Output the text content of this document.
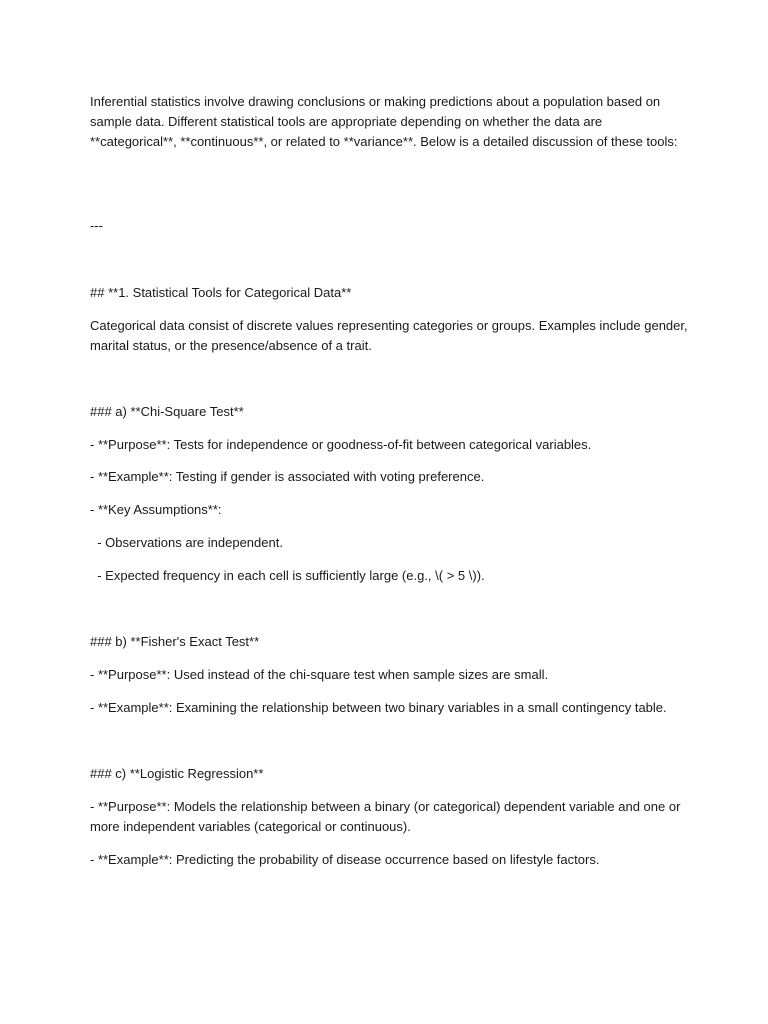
Inferential statistics involve drawing conclusions or making predictions about a population based on sample data. Different statistical tools are appropriate depending on whether the data are **categorical**, **continuous**, or related to **variance**. Below is a detailed discussion of these tools:

---

## **1. Statistical Tools for Categorical Data**

Categorical data consist of discrete values representing categories or groups. Examples include gender, marital status, or the presence/absence of a trait.

### a) **Chi-Square Test**

- **Purpose**: Tests for independence or goodness-of-fit between categorical variables.

- **Example**: Testing if gender is associated with voting preference.

- **Key Assumptions**:

- Observations are independent.

- Expected frequency in each cell is sufficiently large (e.g., \( > 5 \)).

### b) **Fisher's Exact Test**

- **Purpose**: Used instead of the chi-square test when sample sizes are small.

- **Example**: Examining the relationship between two binary variables in a small contingency table.

### c) **Logistic Regression**

- **Purpose**: Models the relationship between a binary (or categorical) dependent variable and one or more independent variables (categorical or continuous).

- **Example**: Predicting the probability of disease occurrence based on lifestyle factors.
